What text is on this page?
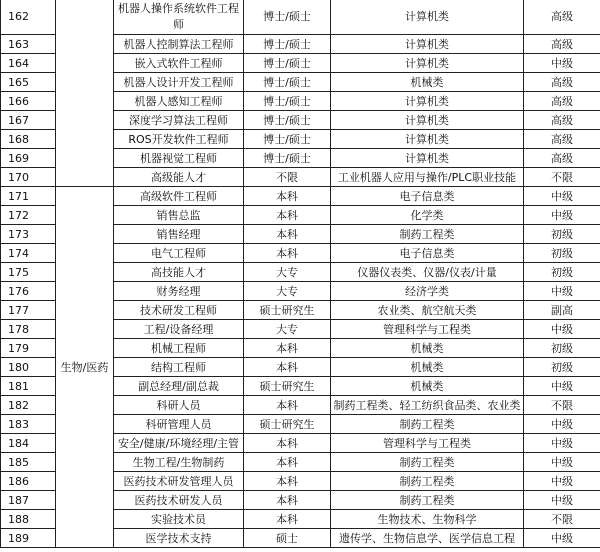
162		机器人操作系统软件工程师	博士/硕士	计算机类	高级
163		机器人控制算法工程师	博士/硕士	计算机类	高级
164		嵌入式软件工程师	博士/硕士	计算机类	中级
165		机器人设计开发工程师	博士/硕士	机械类	高级
166		机器人感知工程师	博士/硕士	计算机类	高级
167		深度学习算法工程师	博士/硕士	计算机类	高级
168		ROS开发软件工程师	博士/硕士	计算机类	高级
169		机器视觉工程师	博士/硕士	计算机类	高级
170		高级能人才	不限	工业机器人应用与操作/PLC职业技能	不限
171	生物/医药	高级软件工程师	本科	电子信息类	中级
172		销售总监	本科	化学类	中级
173		销售经理	本科	制药工程类	初级
174		电气工程师	本科	电子信息类	初级
175		高技能人才	大专	仪器仪表类、仪器/仪表/计量	初级
176		财务经理	大专	经济学类	中级
177		技术研发工程师	硕士研究生	农业类、航空航天类	副高
178		工程/设备经理	大专	管理科学与工程类	中级
179		机械工程师	本科	机械类	初级
180		结构工程师	本科	机械类	初级
181		副总经理/副总裁	硕士研究生	机械类	中级
182		科研人员	本科	制药工程类、轻工纺织食品类、农业类	不限
183		科研管理人员	硕士研究生	制药工程类	中级
184		安全/健康/环境经理/主管	本科	管理科学与工程类	中级
185		生物工程/生物制药	本科	制药工程类	中级
186		医药技术研发管理人员	本科	制药工程类	中级
187		医药技术研发人员	本科	制药工程类	中级
188		实验技术员	本科	生物技术、生物科学	不限
189		医学技术支持	硕士	遗传学、生物信息学、医学信息工程	中级
